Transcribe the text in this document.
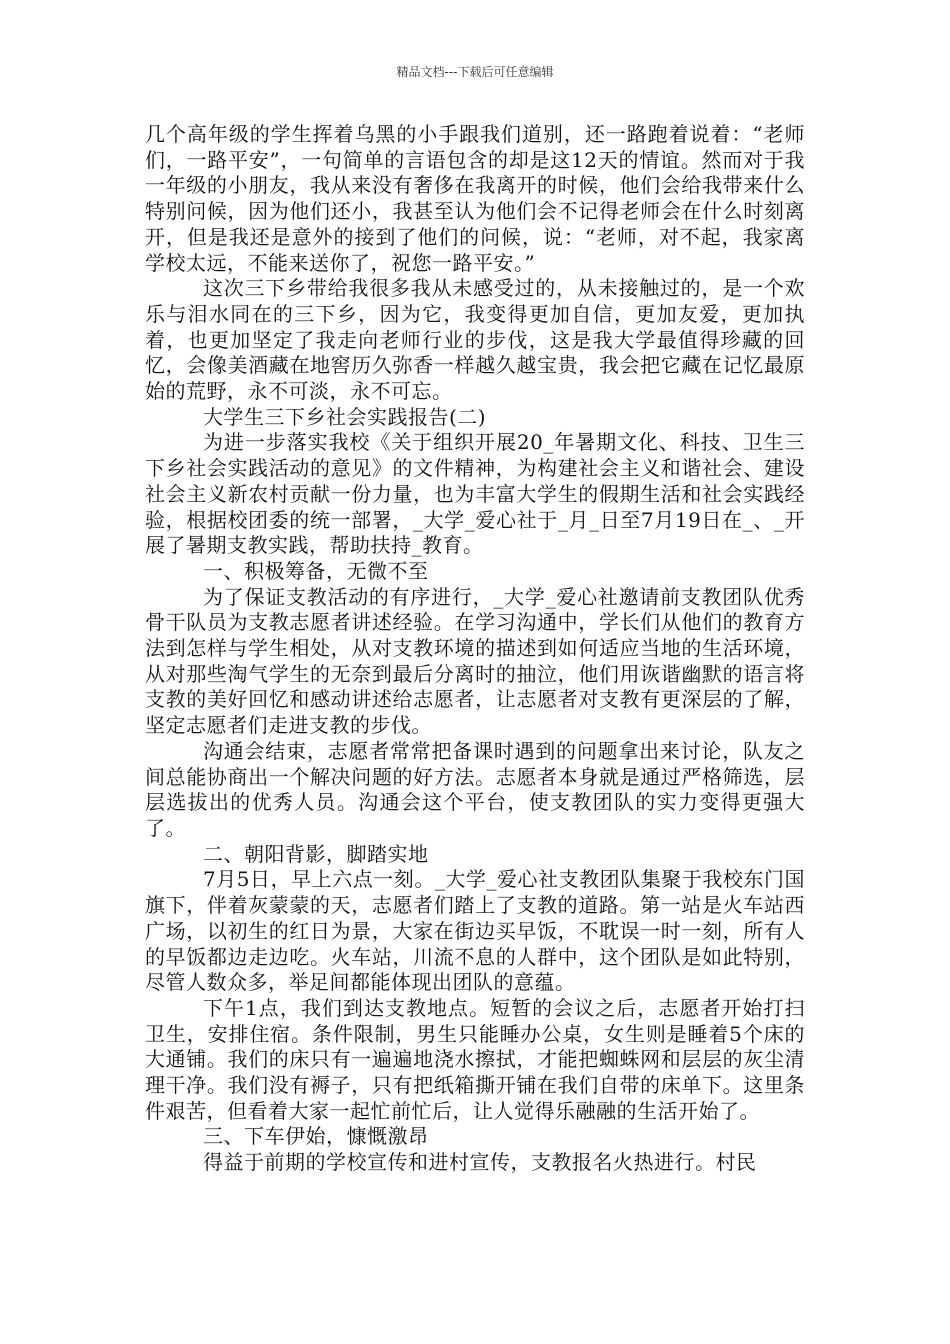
精品文档---下载后可任意编辑

几个高年级的学生挥着乌黑的小手跟我们道别，还一路跑着说着：“老师们，一路平安”，一句简单的言语包含的却是这12天的情谊。然而对于我一年级的小朋友，我从来没有奢侈在我离开的时候，他们会给我带来什么特别问候，因为他们还小，我甚至认为他们会不记得老师会在什么时刻离开，但是我还是意外的接到了他们的问候，说：“老师，对不起，我家离学校太远，不能来送你了，祝您一路平安。”

这次三下乡带给我很多我从未感受过的，从未接触过的，是一个欢乐与泪水同在的三下乡，因为它，我变得更加自信，更加友爱，更加执着，也更加坚定了我走向老师行业的步伐，这是我大学最值得珍藏的回忆，会像美酒藏在地窖历久弥香一样越久越宝贵，我会把它藏在记忆最原始的荒野，永不可淡，永不可忘。

大学生三下乡社会实践报告(二)

为进一步落实我校《关于组织开展20_年暑期文化、科技、卫生三下乡社会实践活动的意见》的文件精神，为构建社会主义和谐社会、建设社会主义新农村贡献一份力量，也为丰富大学生的假期生活和社会实践经验，根据校团委的统一部署，_大学_爱心社于_月_日至7月19日在_、_开展了暑期支教实践，帮助扶持_教育。

一、积极筹备，无微不至

为了保证支教活动的有序进行，_大学_爱心社邀请前支教团队优秀骨干队员为支教志愿者讲述经验。在学习沟通中，学长们从他们的教育方法到怎样与学生相处，从对支教环境的描述到如何适应当地的生活环境，从对那些淘气学生的无奈到最后分离时的抽泣，他们用诙谐幽默的语言将支教的美好回忆和感动讲述给志愿者，让志愿者对支教有更深层的了解，坚定志愿者们走进支教的步伐。

沟通会结束，志愿者常常把备课时遇到的问题拿出来讨论，队友之间总能协商出一个解决问题的好方法。志愿者本身就是通过严格筛选，层层选拔出的优秀人员。沟通会这个平台，使支教团队的实力变得更强大了。

二、朝阳背影，脚踏实地

7月5日，早上六点一刻。_大学_爱心社支教团队集聚于我校东门国旗下，伴着灰蒙蒙的天，志愿者们踏上了支教的道路。第一站是火车站西广场，以初生的红日为景，大家在街边买早饭，不耽误一时一刻，所有人的早饭都边走边吃。火车站，川流不息的人群中，这个团队是如此特别，尽管人数众多，举足间都能体现出团队的意蕴。

下午1点，我们到达支教地点。短暂的会议之后，志愿者开始打扫卫生，安排住宿。条件限制，男生只能睡办公桌，女生则是睡着5个床的大通铺。我们的床只有一遍遍地浇水擦拭，才能把蜘蛛网和层层的灰尘清理干净。我们没有褥子，只有把纸箱撕开铺在我们自带的床单下。这里条件艰苦，但看着大家一起忙前忙后，让人觉得乐融融的生活开始了。

三、下车伊始，慷慨激昂

得益于前期的学校宣传和进村宣传，支教报名火热进行。村民
